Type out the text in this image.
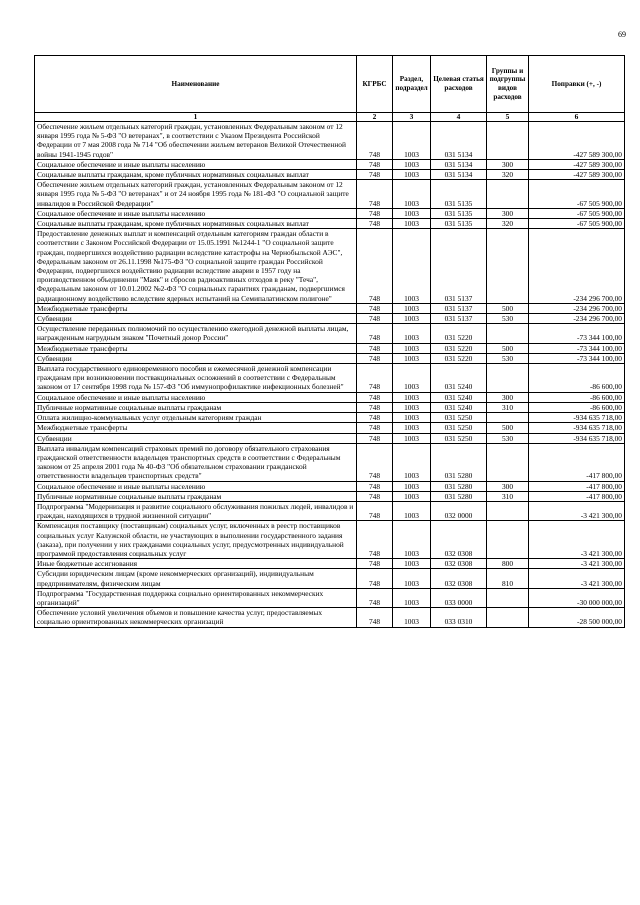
69
Наименование	КГРБС	Раздел, подраздел	Целевая статья расходов	Группы и подгруппы видов расходов	Поправки (+, -)
1	2	3	4	5	6
Обеспечение жильем отдельных категорий граждан, установленных Федеральным законом от 12 января 1995 года № 5-ФЗ "О ветеранах", в соответствии с Указом Президента Российской Федерации от 7 мая 2008 года № 714 "Об обеспечении жильем ветеранов Великой Отечественной войны 1941-1945 годов"	748	1003	031 5134		-427 589 300,00
Социальное обеспечение и иные выплаты населению	748	1003	031 5134	300	-427 589 300,00
Социальные выплаты гражданам, кроме публичных нормативных социальных выплат	748	1003	031 5134	320	-427 589 300,00
Обеспечение жильем отдельных категорий граждан, установленных Федеральным законом от 12 января 1995 года № 5-ФЗ "О ветеранах" и от 24 ноября 1995 года № 181-ФЗ "О социальной защите инвалидов в Российской Федерации"	748	1003	031 5135		-67 505 900,00
Социальное обеспечение и иные выплаты населению	748	1003	031 5135	300	-67 505 900,00
Социальные выплаты гражданам, кроме публичных нормативных социальных выплат	748	1003	031 5135	320	-67 505 900,00
Предоставление денежных выплат и компенсаций отдельным категориям граждан области в соответствии с Законом Российской Федерации от 15.05.1991 №1244-1 "О социальной защите граждан, подвергшихся воздействию радиации вследствие катастрофы на Чернобыльской АЭС", Федеральным законом от 26.11.1998 №175-ФЗ "О социальной защите граждан Российской Федерации, подвергшихся воздействию радиации вследствие аварии в 1957 году на производственном объединении "Маяк" и сбросов радиоактивных отходов в реку "Теча", Федеральным законом от 10.01.2002 №2-ФЗ "О социальных гарантиях гражданам, подвергшимся радиационному воздействию вследствие ядерных испытаний на Семипалатинском полигоне"	748	1003	031 5137		-234 296 700,00
Межбюджетные трансферты	748	1003	031 5137	500	-234 296 700,00
Субвенции	748	1003	031 5137	530	-234 296 700,00
Осуществление переданных полномочий по осуществлению ежегодной денежной выплаты лицам, награжденным нагрудным знаком "Почетный донор России"	748	1003	031 5220		-73 344 100,00
Межбюджетные трансферты	748	1003	031 5220	500	-73 344 100,00
Субвенции	748	1003	031 5220	530	-73 344 100,00
Выплата государственного единовременного пособия и ежемесячной денежной компенсации гражданам при возникновении поствакцинальных осложнений в соответствии с Федеральным законом от 17 сентября 1998 года № 157-ФЗ "Об иммунопрофилактике инфекционных болезней"	748	1003	031 5240		-86 600,00
Социальное обеспечение и иные выплаты населению	748	1003	031 5240	300	-86 600,00
Публичные нормативные социальные выплаты гражданам	748	1003	031 5240	310	-86 600,00
Оплата жилищно-коммунальных услуг отдельным категориям граждан	748	1003	031 5250		-934 635 718,00
Межбюджетные трансферты	748	1003	031 5250	500	-934 635 718,00
Субвенции	748	1003	031 5250	530	-934 635 718,00
Выплата инвалидам компенсаций страховых премий по договору обязательного страхования гражданской ответственности владельцев транспортных средств в соответствии с Федеральным законом от 25 апреля 2001 года № 40-ФЗ "Об обязательном страховании гражданской ответственности владельцев транспортных средств"	748	1003	031 5280		-417 800,00
Социальное обеспечение и иные выплаты населению	748	1003	031 5280	300	-417 800,00
Публичные нормативные социальные выплаты гражданам	748	1003	031 5280	310	-417 800,00
Подпрограмма "Модернизация и развитие социального обслуживания пожилых людей, инвалидов и граждан, находящихся в трудной жизненной ситуации"	748	1003	032 0000		-3 421 300,00
Компенсация поставщику (поставщикам) социальных услуг, включенных в реестр поставщиков социальных услуг Калужской области, не участвующих в выполнении государственного задания (заказа), при получении у них гражданами социальных услуг, предусмотренных индивидуальной программой предоставления социальных услуг	748	1003	032 0308		-3 421 300,00
Иные бюджетные ассигнования	748	1003	032 0308	800	-3 421 300,00
Субсидии юридическим лицам (кроме некоммерческих организаций), индивидуальным предпринимателям, физическим лицам	748	1003	032 0308	810	-3 421 300,00
Подпрограмма "Государственная поддержка социально ориентированных некоммерческих организаций"	748	1003	033 0000		-30 000 000,00
Обеспечение условий увеличения объемов и повышение качества услуг, предоставляемых социально ориентированных некоммерческих организаций	748	1003	033 0310		-28 500 000,00
